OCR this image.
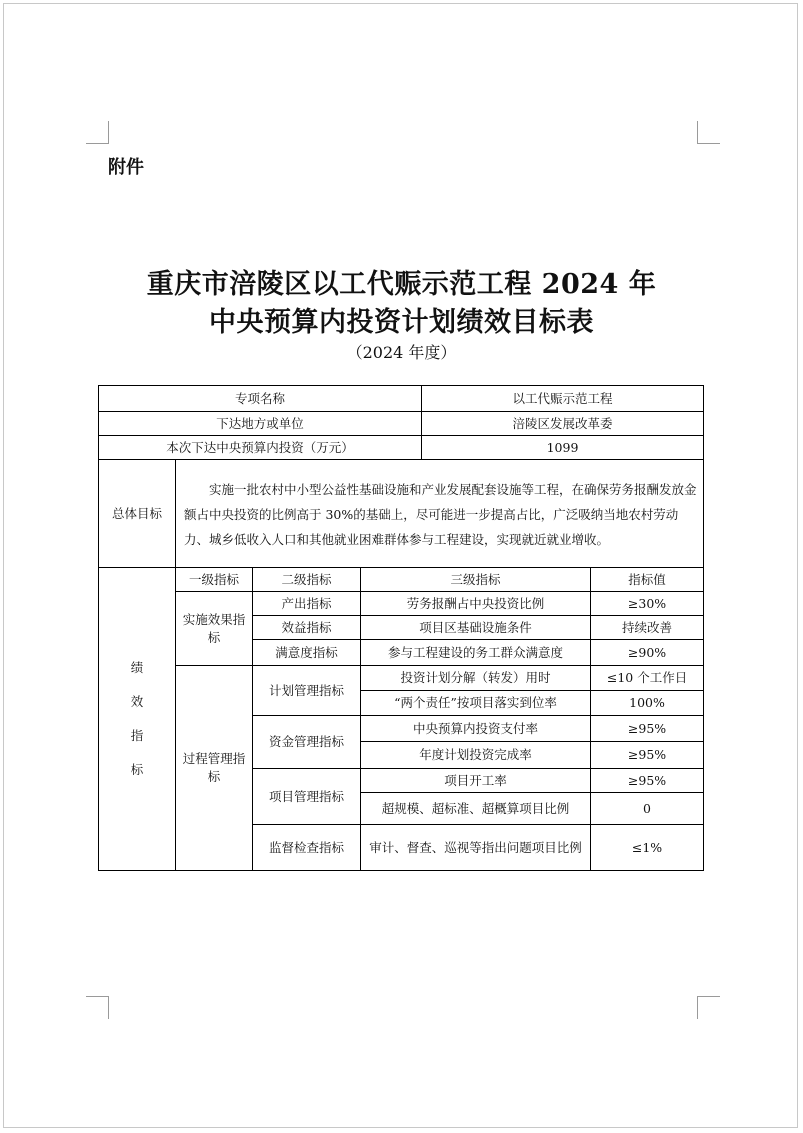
附件
重庆市涪陵区以工代赈示范工程 2024 年
中央预算内投资计划绩效目标表
（2024 年度）
专项名称				以工代赈示范工程	
下达地方或单位				涪陵区发展改革委	
本次下达中央预算内投资（万元）				1099	
总体目标	实施一批农村中小型公益性基础设施和产业发展配套设施等工程，在确保劳务报酬发放金额占中央投资的比例高于 30%的基础上，尽可能进一步提高占比，广泛吸纳当地农村劳动力、城乡低收入人口和其他就业困难群体参与工程建设，实现就近就业增收。				

绩
效
指
标	一级指标	二级指标	三级指标		指标值
	实施效果指标	产出指标	劳务报酬占中央投资比例		≥30%
		效益指标	项目区基础设施条件		持续改善
		满意度指标	参与工程建设的务工群众满意度		≥90%
	过程管理指标	计划管理指标	投资计划分解（转发）用时		≤10 个工作日
			“两个责任”按项目落实到位率		100%
		资金管理指标	中央预算内投资支付率		≥95%
			年度计划投资完成率		≥95%
		项目管理指标	项目开工率		≥95%
			超规模、超标准、超概算项目比例		0
		监督检查指标	审计、督查、巡视等指出问题项目比例		≤1%
